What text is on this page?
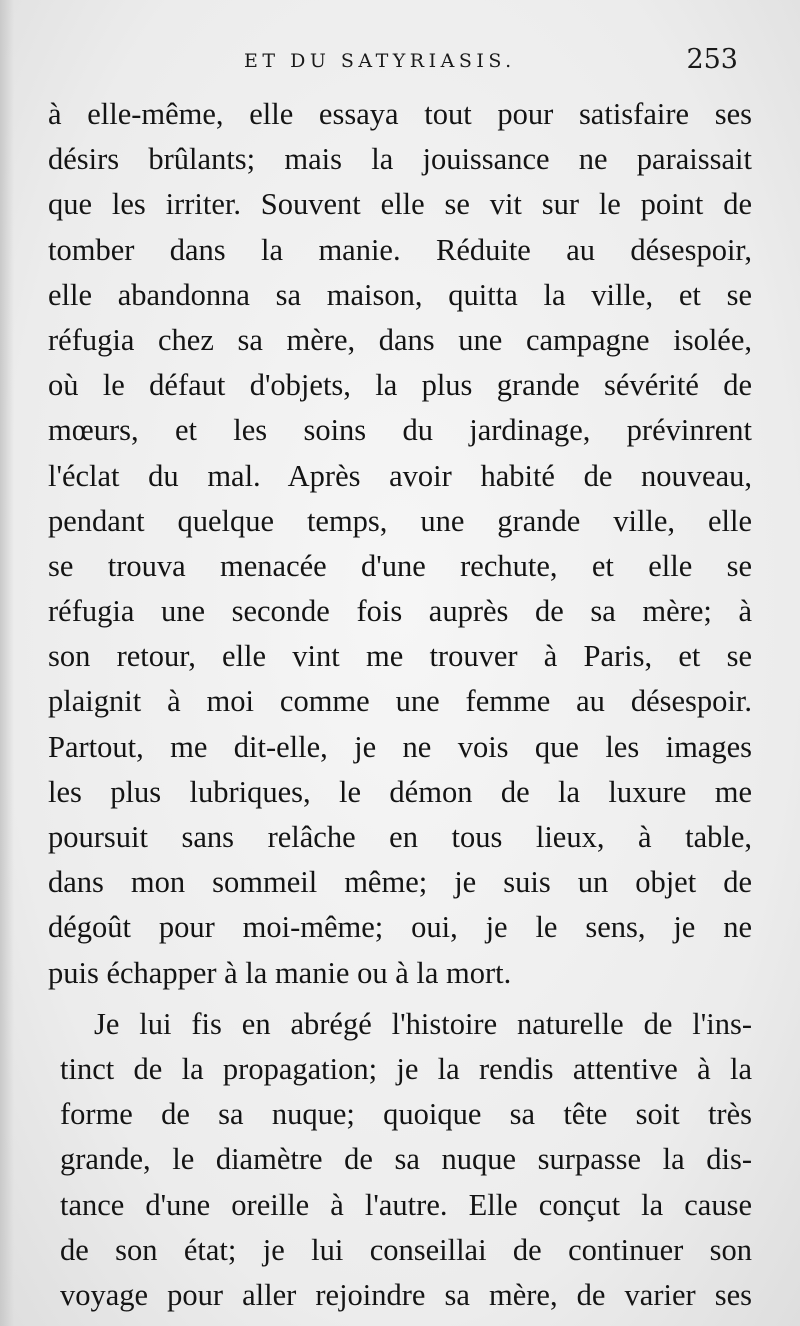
ET DU SATYRIASIS.	253
à elle-même, elle essaya tout pour satisfaire ses
désirs brûlants; mais la jouissance ne paraissait
que les irriter. Souvent elle se vit sur le point de
tomber dans la manie. Réduite au désespoir,
elle abandonna sa maison, quitta la ville, et se
réfugia chez sa mère, dans une campagne isolée,
où le défaut d'objets, la plus grande sévérité de
mœurs, et les soins du jardinage, prévinrent
l'éclat du mal. Après avoir habité de nouveau,
pendant quelque temps, une grande ville, elle
se trouva menacée d'une rechute, et elle se
réfugia une seconde fois auprès de sa mère; à
son retour, elle vint me trouver à Paris, et se
plaignit à moi comme une femme au désespoir.
Partout, me dit-elle, je ne vois que les images
les plus lubriques, le démon de la luxure me
poursuit sans relâche en tous lieux, à table,
dans mon sommeil même; je suis un objet de
dégoût pour moi-même; oui, je le sens, je ne
puis échapper à la manie ou à la mort.
Je lui fis en abrégé l'histoire naturelle de l'ins-
tinct de la propagation; je la rendis attentive à la
forme de sa nuque; quoique sa tête soit très
grande, le diamètre de sa nuque surpasse la dis-
tance d'une oreille à l'autre. Elle conçut la cause
de son état; je lui conseillai de continuer son
voyage pour aller rejoindre sa mère, de varier ses
